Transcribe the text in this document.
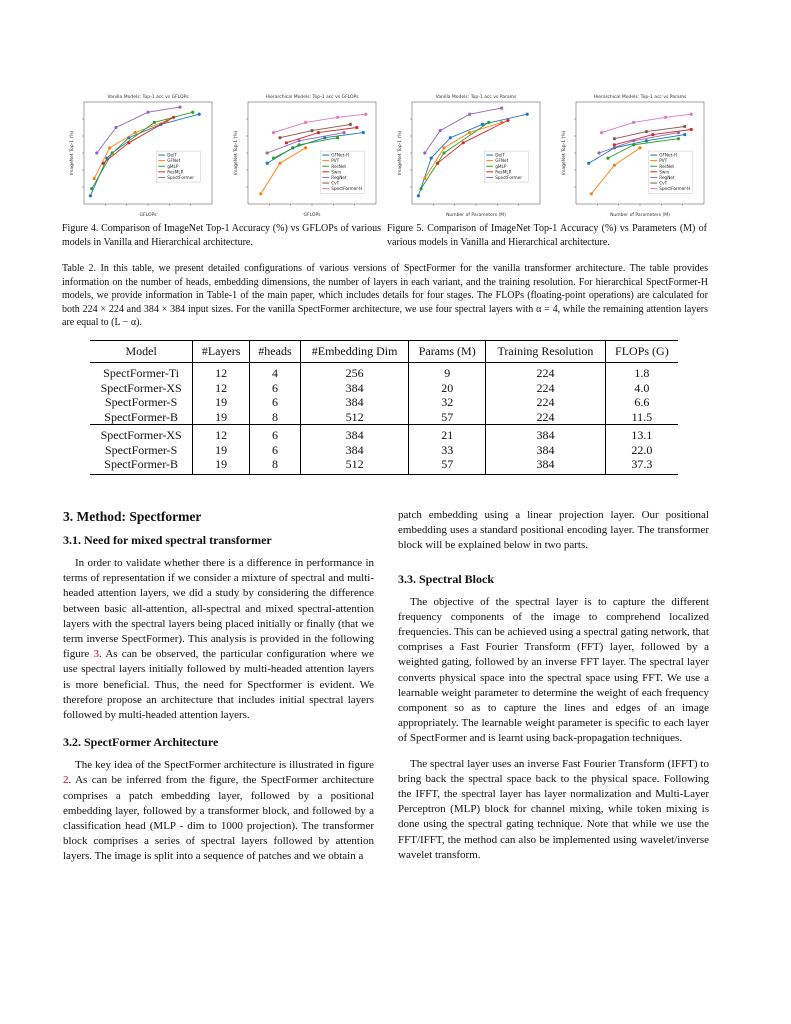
Vanilla Models: Top-1 acc vs GFLOPs
GFLOPs
ImageNet Top-1 (%)	DeiT
GFNet
gMLP
ResMLP
SpectFormer
Hierarchical Models: Top-1 acc vs GFLOPs
GFLOPs
ImageNet Top-1 (%)	GFNet-H
PVT
ResNet
Swin
RegNet
CvT
SpectFormer-H
Vanilla Models: Top-1 acc vs Params
Number of Parameters (M)
ImageNet Top-1 (%)	DeiT
GFNet
gMLP
ResMLP
SpectFormer
Hierarchical Models: Top-1 acc vs Params
Number of Parameters (M)
ImageNet Top-1 (%)	GFNet-H
PVT
ResNet
Swin
RegNet
CvT
SpectFormer-H
Figure 4. Comparison of ImageNet Top-1 Accuracy (%) vs GFLOPs of various models in Vanilla and Hierarchical architecture.
Figure 5. Comparison of ImageNet Top-1 Accuracy (%) vs Parameters (M) of various models in Vanilla and Hierarchical architecture.
Table 2. In this table, we present detailed configurations of various versions of SpectFormer for the vanilla transformer architecture. The table provides information on the number of heads, embedding dimensions, the number of layers in each variant, and the training resolution. For hierarchical SpectFormer-H models, we provide information in Table-1 of the main paper, which includes details for four stages. The FLOPs (floating-point operations) are calculated for both 224 × 224 and 384 × 384 input sizes. For the vanilla SpectFormer architecture, we use four spectral layers with α = 4, while the remaining attention layers are equal to (L − α).
Model	#Layers	#heads	#Embedding Dim	Params (M)	Training Resolution	FLOPs (G)
SpectFormer-Ti	12	4	256	9	224	1.8
SpectFormer-XS	12	6	384	20	224	4.0
SpectFormer-S	19	6	384	32	224	6.6
SpectFormer-B	19	8	512	57	224	11.5
SpectFormer-XS	12	6	384	21	384	13.1
SpectFormer-S	19	6	384	33	384	22.0
SpectFormer-B	19	8	512	57	384	37.3
3. Method: Spectformer
3.1. Need for mixed spectral transformer

In order to validate whether there is a difference in performance in terms of representation if we consider a mixture of spectral and multi-headed attention layers, we did a study by considering the difference between basic all-attention, all-spectral and mixed spectral-attention layers with the spectral layers being placed initially or finally (that we term inverse SpectFormer). This analysis is provided in the following figure 3. As can be observed, the particular configuration where we use spectral layers initially followed by multi-headed attention layers is more beneficial. Thus, the need for Spectformer is evident. We therefore propose an architecture that includes initial spectral layers followed by multi-headed attention layers.

3.2. SpectFormer Architecture

The key idea of the SpectFormer architecture is illustrated in figure 2. As can be inferred from the figure, the SpectFormer architecture comprises a patch embedding layer, followed by a positional embedding layer, followed by a transformer block, and followed by a classification head (MLP - dim to 1000 projection). The transformer block comprises a series of spectral layers followed by attention layers. The image is split into a sequence of patches and we obtain a

patch embedding using a linear projection layer. Our positional embedding uses a standard positional encoding layer. The transformer block will be explained below in two parts.

3.3. Spectral Block

The objective of the spectral layer is to capture the different frequency components of the image to comprehend localized frequencies. This can be achieved using a spectral gating network, that comprises a Fast Fourier Transform (FFT) layer, followed by a weighted gating, followed by an inverse FFT layer. The spectral layer converts physical space into the spectral space using FFT. We use a learnable weight parameter to determine the weight of each frequency component so as to capture the lines and edges of an image appropriately. The learnable weight parameter is specific to each layer of SpectFormer and is learnt using back-propagation techniques.

The spectral layer uses an inverse Fast Fourier Transform (IFFT) to bring back the spectral space back to the physical space. Following the IFFT, the spectral layer has layer normalization and Multi-Layer Perceptron (MLP) block for channel mixing, while token mixing is done using the spectral gating technique. Note that while we use the FFT/IFFT, the method can also be implemented using wavelet/inverse wavelet transform.
